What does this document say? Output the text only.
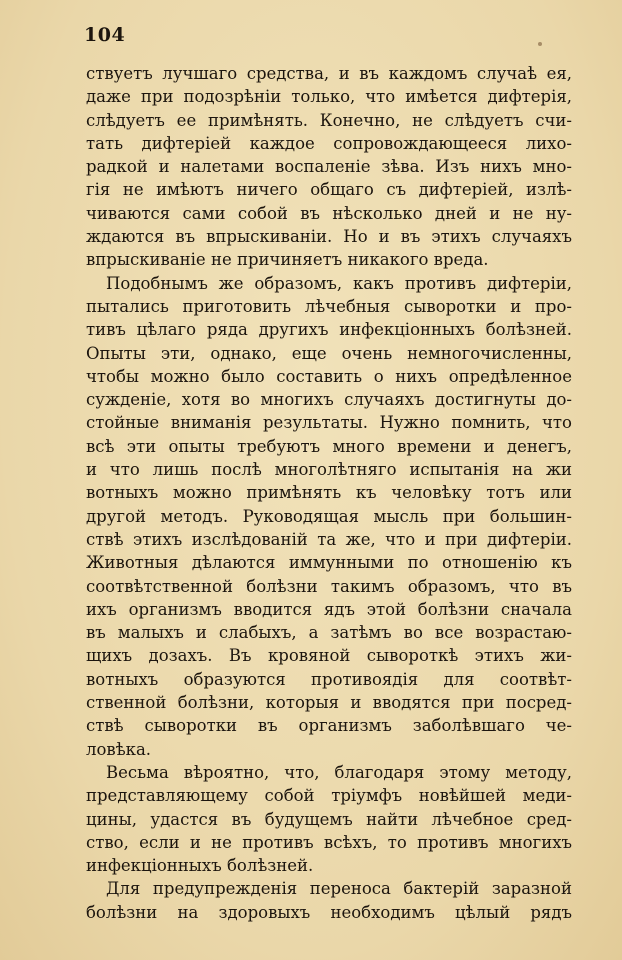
104
ствуетъ лучшаго средства, и въ каждомъ случаѣ ея,
даже при подозрѣніи только, что имѣется дифтерія,
слѣдуетъ ее примѣнять. Конечно, не слѣдуетъ счи-
тать дифтеріей каждое сопровождающееся лихо-
радкой и налетами воспаленіе зѣва. Изъ нихъ мно-
гія не имѣютъ ничего общаго съ дифтеріей, излѣ-
чиваются сами собой въ нѣсколько дней и не ну-
ждаются въ впрыскиваніи. Но и въ этихъ случаяхъ
впрыскиваніе не причиняетъ никакого вреда.
Подобнымъ же образомъ, какъ противъ дифтеріи,
пытались приготовить лѣчебныя сыворотки и про-
тивъ цѣлаго ряда другихъ инфекціонныхъ болѣзней.
Опыты эти, однако, еще очень немногочисленны,
чтобы можно было составить о нихъ опредѣленное
сужденіе, хотя во многихъ случаяхъ достигнуты до-
стойные вниманія результаты. Нужно помнить, что
всѣ эти опыты требуютъ много времени и денегъ,
и что лишь послѣ многолѣтняго испытанія на жи
вотныхъ можно примѣнять къ человѣку тотъ или
другой методъ. Руководящая мысль при большин-
ствѣ этихъ изслѣдованій та же, что и при дифтеріи.
Животныя дѣлаются иммунными по отношенію къ
соотвѣтственной болѣзни такимъ образомъ, что въ
ихъ организмъ вводится ядъ этой болѣзни сначала
въ малыхъ и слабыхъ, а затѣмъ во все возрастаю-
щихъ дозахъ. Въ кровяной сывороткѣ этихъ жи-
вотныхъ образуются противоядія для соотвѣт-
ственной болѣзни, которыя и вводятся при посред-
ствѣ сыворотки въ организмъ заболѣвшаго че-
ловѣка.
Весьма вѣроятно, что, благодаря этому методу,
представляющему собой тріумфъ новѣйшей меди-
цины, удастся въ будущемъ найти лѣчебное сред-
ство, если и не противъ всѣхъ, то противъ многихъ
инфекціонныхъ болѣзней.
Для предупрежденія переноса бактерій заразной
болѣзни на здоровыхъ необходимъ цѣлый рядъ
